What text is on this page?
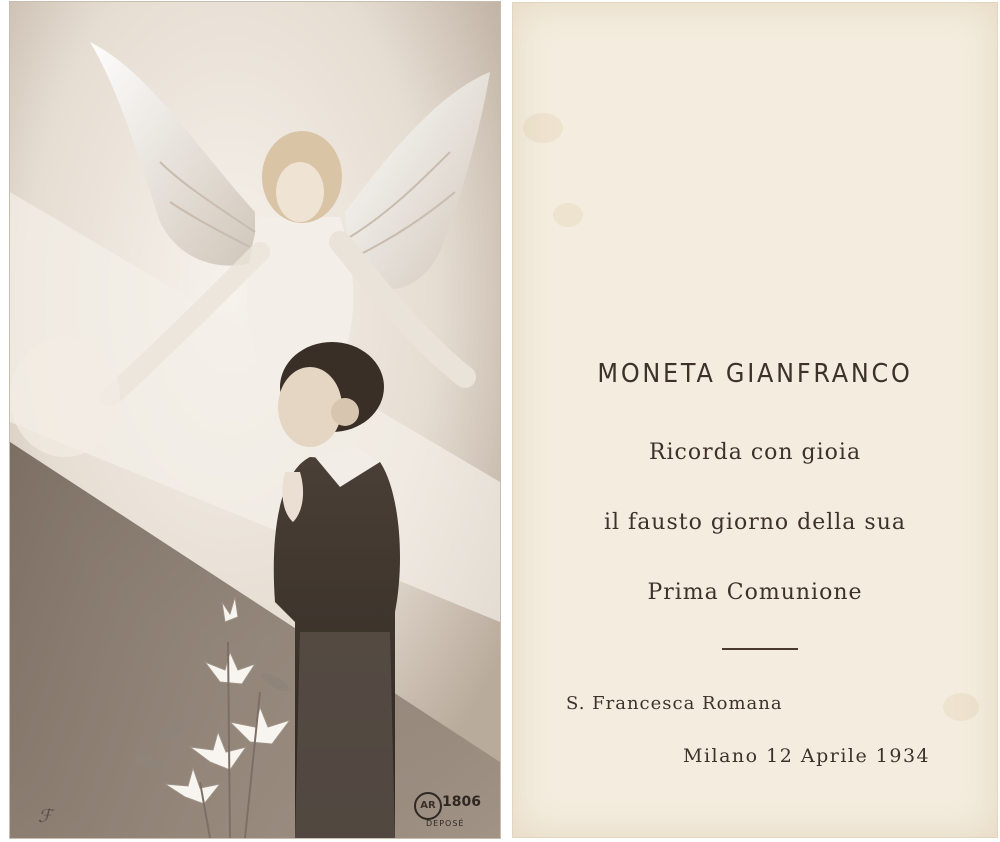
ℱ
AR 1806
DEPOSÉ
MONETA GIANFRANCO
Ricorda con gioia
il fausto giorno della sua
Prima Comunione
S. Francesca Romana
Milano 12 Aprile 1934
